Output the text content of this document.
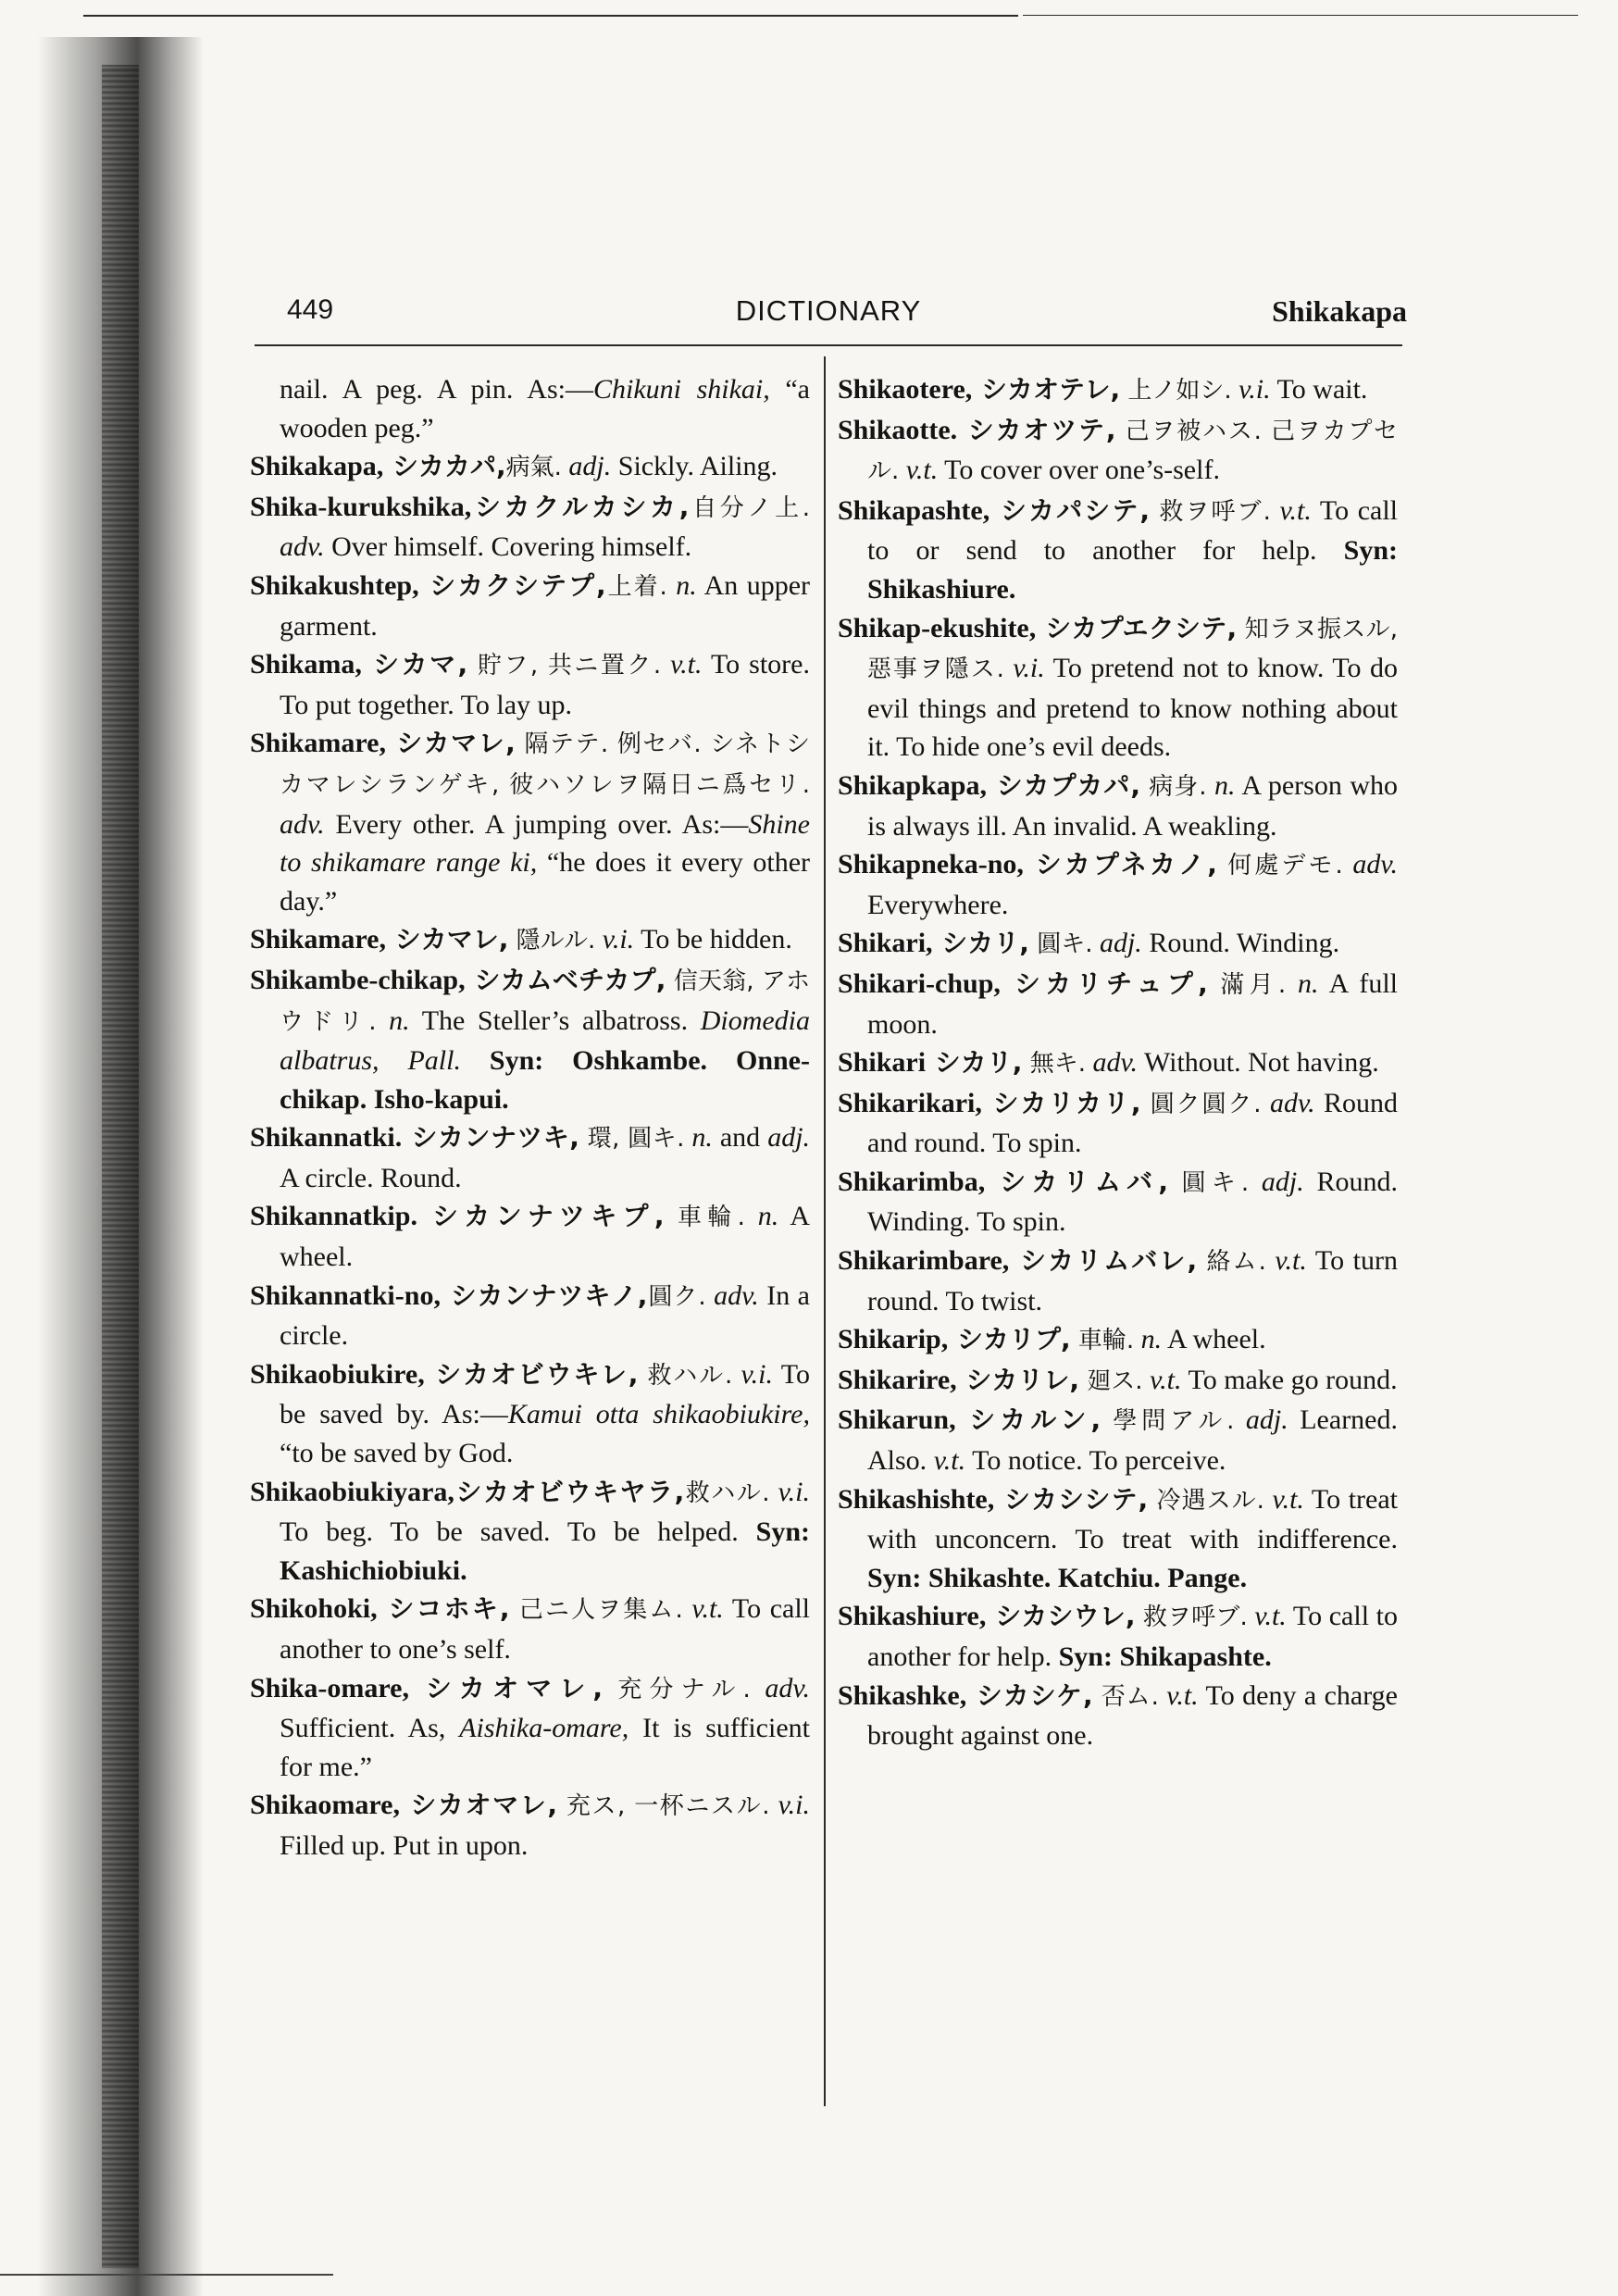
449	DICTIONARY	Shikakapa

nail. A peg. A pin. As:—Chikuni shikai, “a wooden peg.”

Shikakapa, シカカパ,病氣. adj. Sickly. Ailing.

Shika-kurukshika,シカクルカシカ,自分ノ上. adv. Over himself. Covering himself.

Shikakushtep, シカクシテプ,上着. n. An upper garment.

Shikama, シカマ, 貯フ, 共ニ置ク. v.t. To store. To put together. To lay up.

Shikamare, シカマレ, 隔テテ. 例セバ. シネトシカマレシランゲキ, 彼ハソレヲ隔日ニ爲セリ. adv. Every other. A jumping over. As:—Shine to shikamare range ki, “he does it every other day.”

Shikamare, シカマレ, 隱ルル. v.i. To be hidden.

Shikambe-chikap, シカムベチカプ, 信天翁, アホウドリ. n. The Steller’s albatross. Diomedia albatrus, Pall. Syn: Oshkambe. Onne-chikap. Isho-kapui.

Shikannatki. シカンナツキ, 環, 圓キ. n. and adj. A circle. Round.

Shikannatkip. シカンナツキプ, 車輪. n. A wheel.

Shikannatki-no, シカンナツキノ,圓ク. adv. In a circle.

Shikaobiukire, シカオビウキレ, 救ハル. v.i. To be saved by. As:—Kamui otta shikaobiukire, “to be saved by God.

Shikaobiukiyara,シカオビウキヤラ,救ハル. v.i. To beg. To be saved. To be helped. Syn: Kashichiobiuki.

Shikohoki, シコホキ, 己ニ人ヲ集ム. v.t. To call another to one’s self.

Shika-omare, シカオマレ, 充分ナル. adv. Sufficient. As, Aishika-omare, It is sufficient for me.”

Shikaomare, シカオマレ, 充ス, 一杯ニスル. v.i. Filled up. Put in upon.

Shikaotere, シカオテレ, 上ノ如シ. v.i. To wait.

Shikaotte. シカオツテ, 己ヲ被ハス. 己ヲカプセル. v.t. To cover over one’s-self.

Shikapashte, シカパシテ, 救ヲ呼ブ. v.t. To call to or send to another for help. Syn: Shikashiure.

Shikap-ekushite, シカプエクシテ, 知ラヌ振スル, 惡事ヲ隱ス. v.i. To pretend not to know. To do evil things and pretend to know nothing about it. To hide one’s evil deeds.

Shikapkapa, シカプカパ, 病身. n. A person who is always ill. An invalid. A weakling.

Shikapneka-no, シカプネカノ, 何處デモ. adv. Everywhere.

Shikari, シカリ, 圓キ. adj. Round. Winding.

Shikari-chup, シカリチュプ, 滿月. n. A full moon.

Shikari シカリ, 無キ. adv. Without. Not having.

Shikarikari, シカリカリ, 圓ク圓ク. adv. Round and round. To spin.

Shikarimba, シカリムバ, 圓キ. adj. Round. Winding. To spin.

Shikarimbare, シカリムバレ, 絡ム. v.t. To turn round. To twist.

Shikarip, シカリプ, 車輪. n. A wheel.

Shikarire, シカリレ, 廻ス. v.t. To make go round.

Shikarun, シカルン, 學問アル. adj. Learned. Also. v.t. To notice. To perceive.

Shikashishte, シカシシテ, 冷遇スル. v.t. To treat with unconcern. To treat with indifference. Syn: Shikashte. Katchiu. Pange.

Shikashiure, シカシウレ, 救ヲ呼ブ. v.t. To call to another for help. Syn: Shikapashte.

Shikashke, シカシケ, 否ム. v.t. To deny a charge brought against one.
